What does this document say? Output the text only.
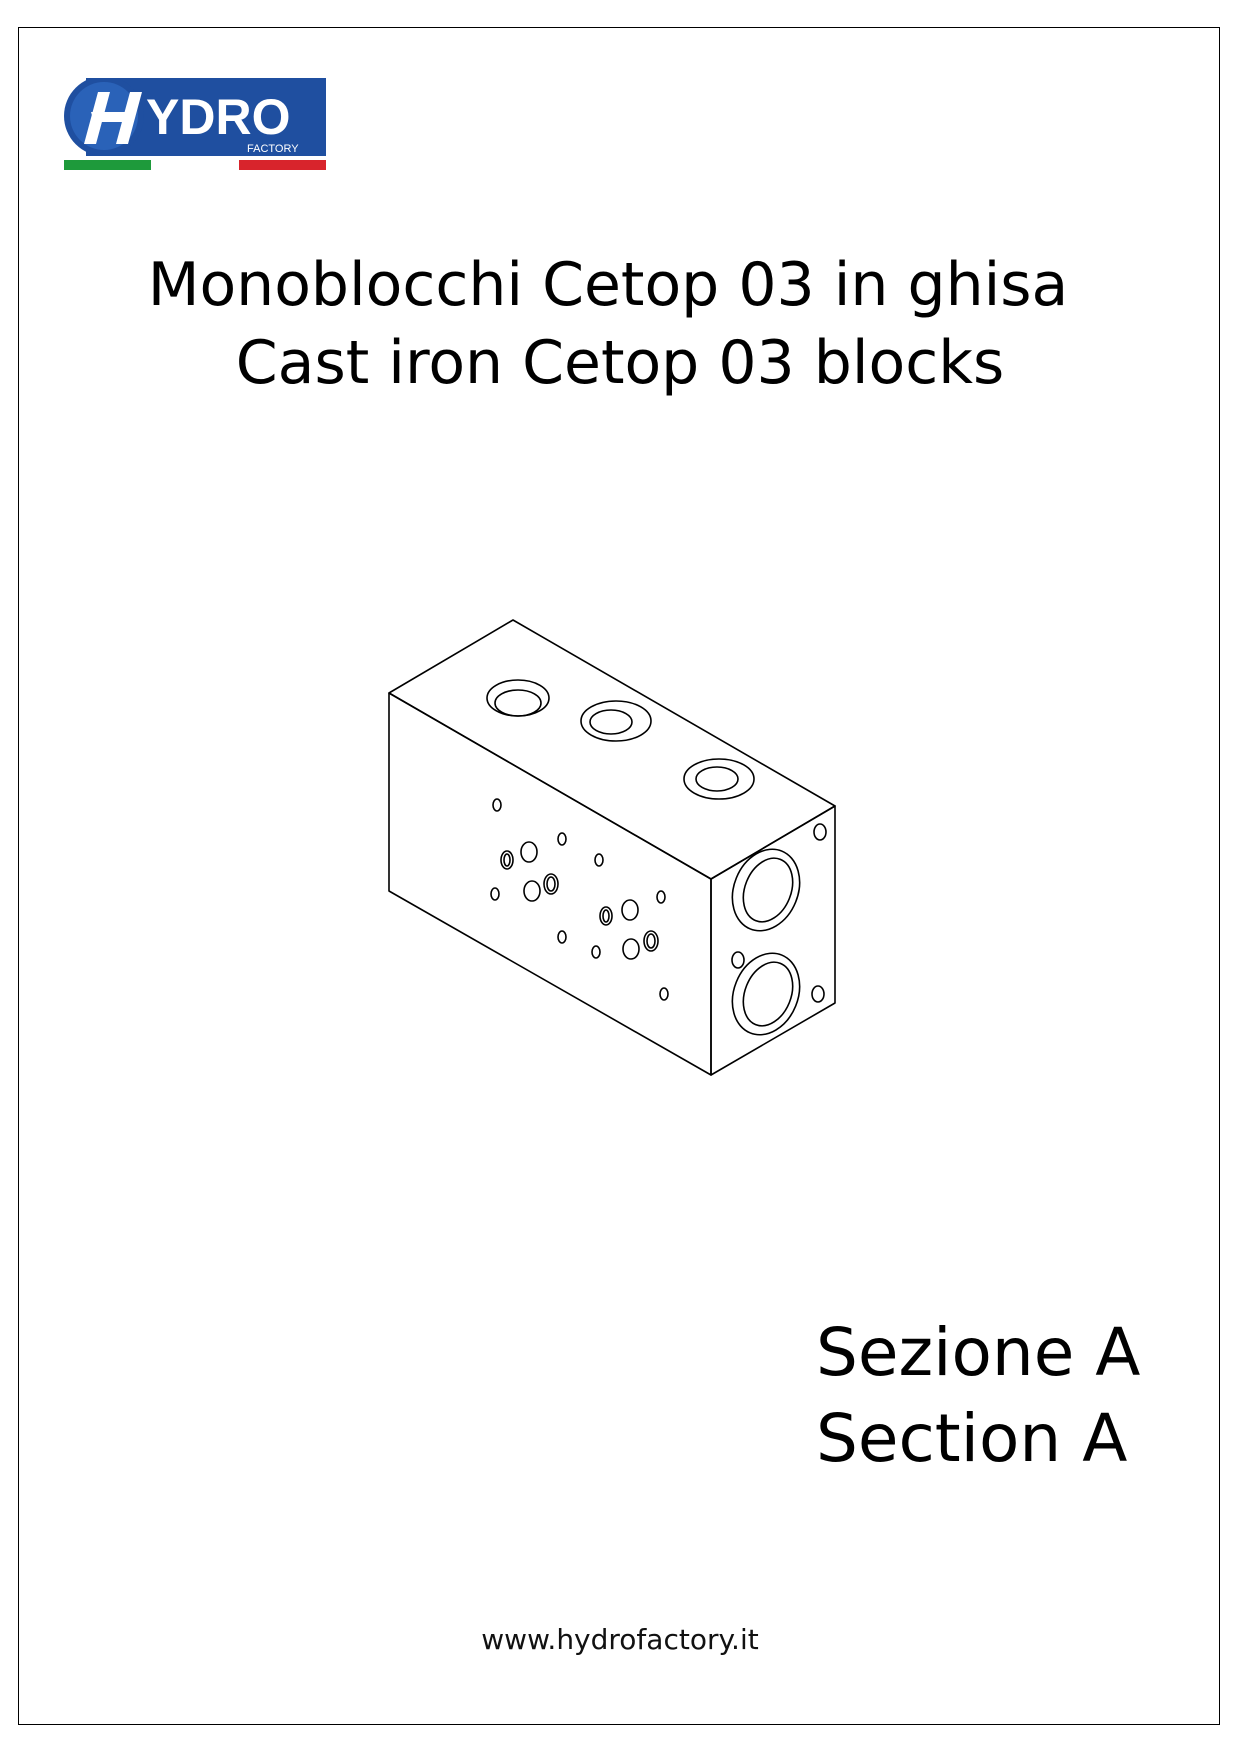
YDRO
FACTORY
Monoblocchi Cetop 03 in ghisa
Cast iron Cetop 03 blocks
Sezione A
Section A
www.hydrofactory.it
